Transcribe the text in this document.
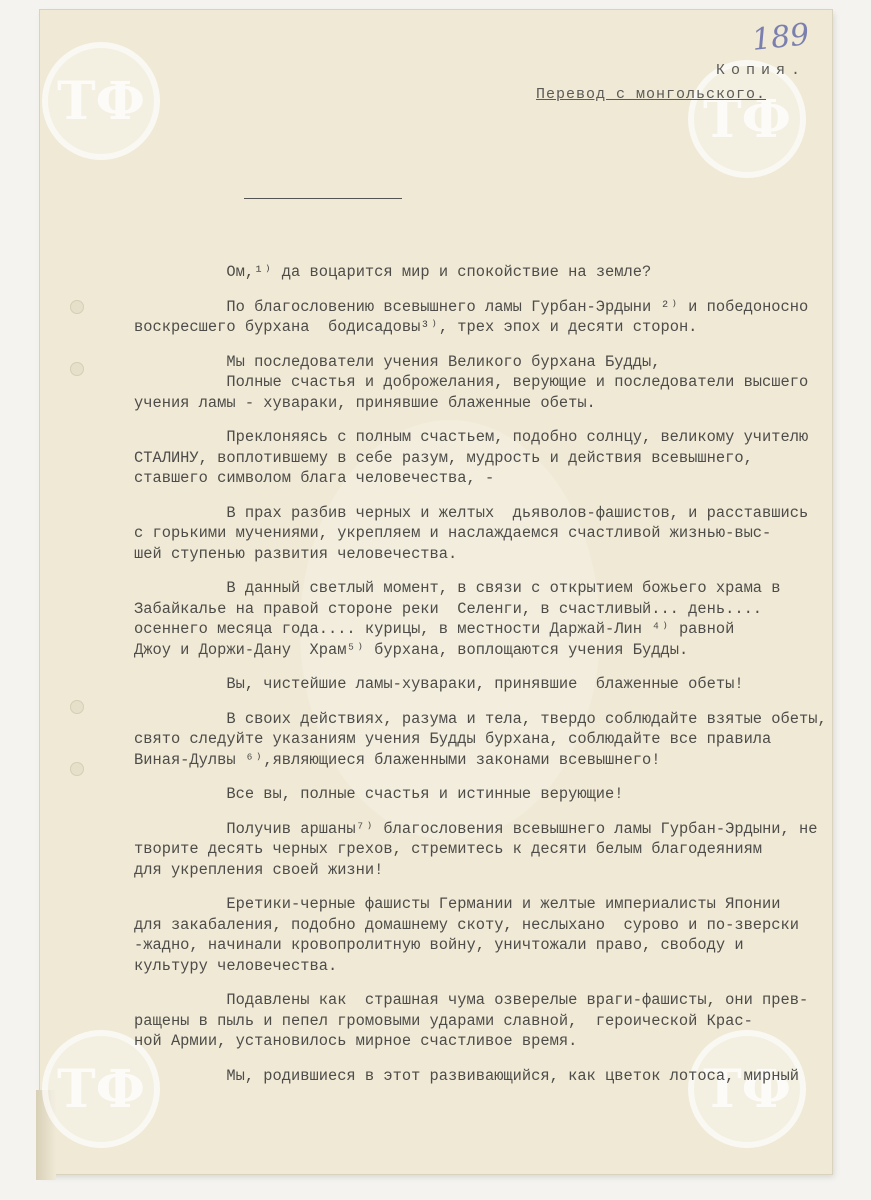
ТФ	ТФ
ТФ	ТФ
189
Копия.
Перевод с монгольского.
Ом,¹⁾ да воцарится мир и спокойствие на земле?
По благословению всевышнего ламы Гурбан-Эрдыни ²⁾ и победоносно
воскресшего бурхана  бодисадовы³⁾, трех эпох и десяти сторон.
Мы последователи учения Великого бурхана Будды,
Полные счастья и доброжелания, верующие и последователи высшего
учения ламы - хувараки, принявшие блаженные обеты.
Преклоняясь с полным счастьем, подобно солнцу, великому учителю
СТАЛИНУ, воплотившему в себе разум, мудрость и действия всевышнего,
ставшего символом блага человечества, -
В прах разбив черных и желтых  дьяволов-фашистов, и расставшись
с горькими мучениями, укрепляем и наслаждаемся счастливой жизнью-выс-
шей ступенью развития человечества.
В данный светлый момент, в связи с открытием божьего храма в
Забайкалье на правой стороне реки  Селенги, в счастливый... день....
осеннего месяца года.... курицы, в местности Даржай-Лин ⁴⁾ равной
Джоу и Доржи-Дану  Храм⁵⁾ бурхана, воплощаются учения Будды.
Вы, чистейшие ламы-хувараки, принявшие  блаженные обеты!
В своих действиях, разума и тела, твердо соблюдайте взятые обеты,
свято следуйте указаниям учения Будды бурхана, соблюдайте все правила
Виная-Дулвы ⁶⁾,являющиеся блаженными законами всевышнего!
Все вы, полные счастья и истинные верующие!
Получив аршаны⁷⁾ благословения всевышнего ламы Гурбан-Эрдыни, не
творите десять черных грехов, стремитесь к десяти белым благодеяниям
для укрепления своей жизни!
Еретики-черные фашисты Германии и желтые империалисты Японии
для закабаления, подобно домашнему скоту, неслыхано  сурово и по-зверски
-жадно, начинали кровопролитную войну, уничтожали право, свободу и
культуру человечества.
Подавлены как  страшная чума озверелые враги-фашисты, они прев-
ращены в пыль и пепел громовыми ударами славной,  героической Крас-
ной Армии, установилось мирное счастливое время.
Мы, родившиеся в этот развивающийся, как цветок лотоса, мирный
